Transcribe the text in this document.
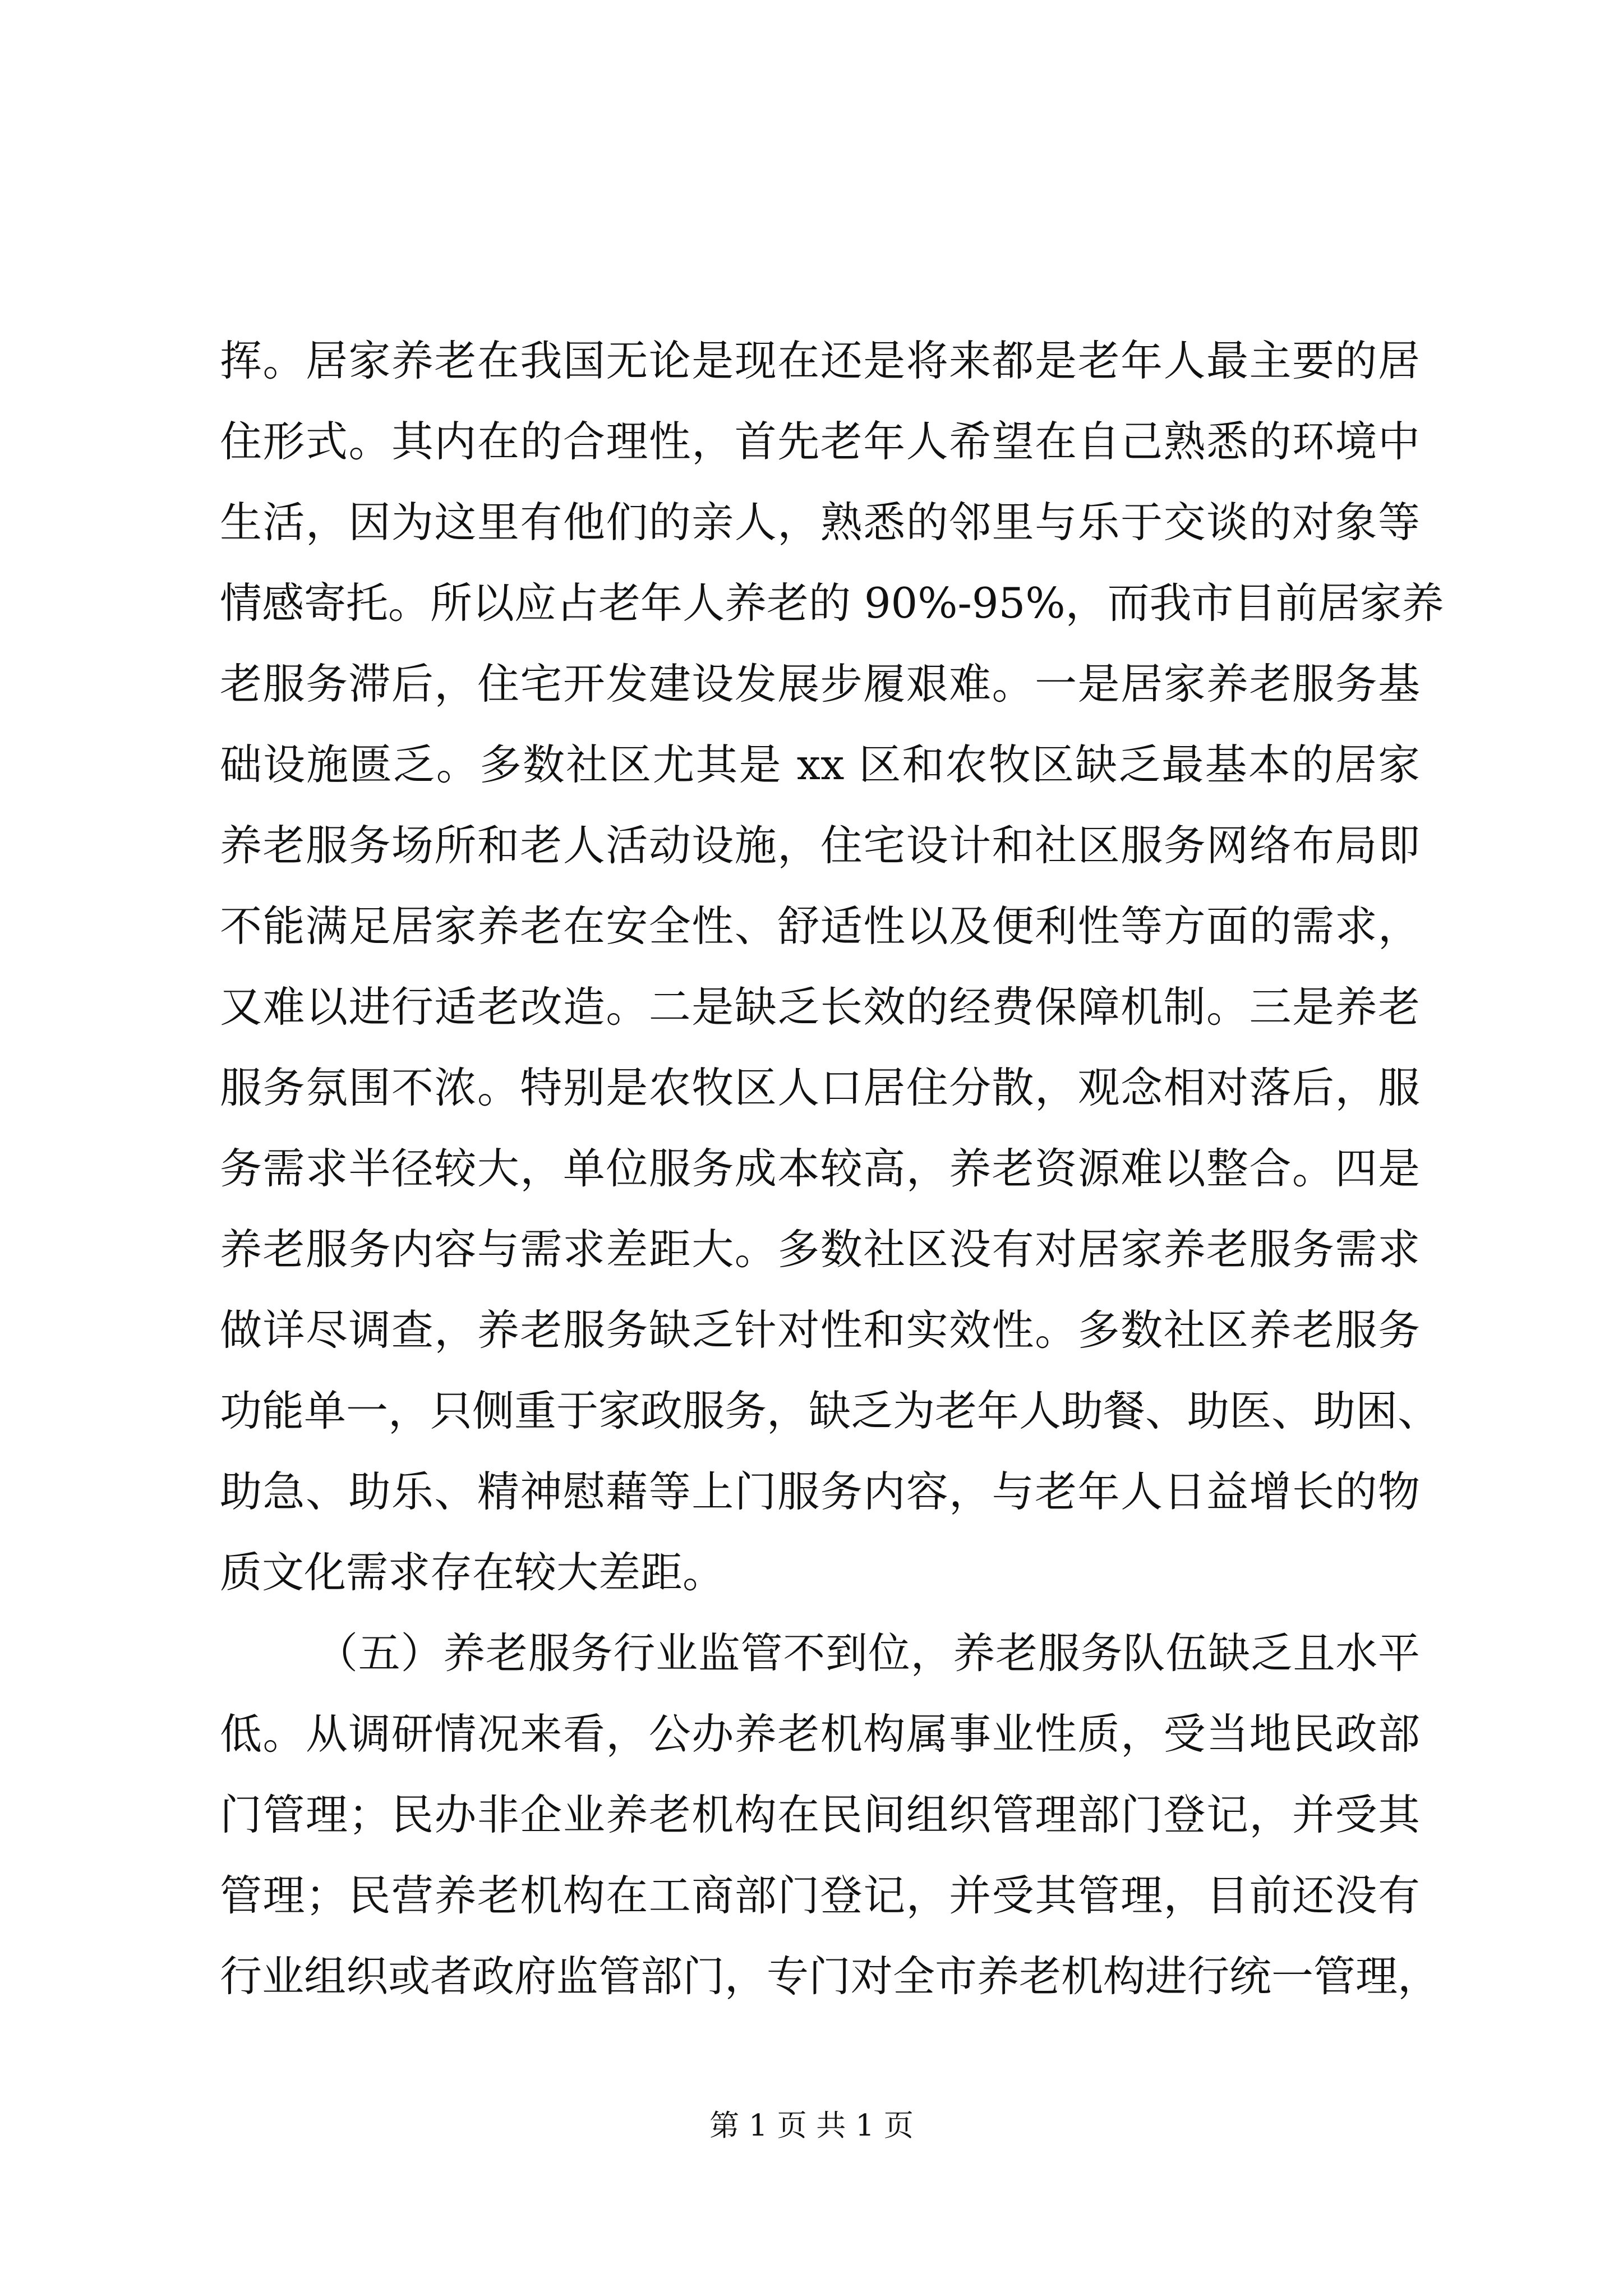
挥。居家养老在我国无论是现在还是将来都是老年人最主要的居
住形式。其内在的合理性，首先老年人希望在自己熟悉的环境中
生活，因为这里有他们的亲人，熟悉的邻里与乐于交谈的对象等
情感寄托。所以应占老年人养老的 90%-95%，而我市目前居家养
老服务滞后，住宅开发建设发展步履艰难。一是居家养老服务基
础设施匮乏。多数社区尤其是 xx 区和农牧区缺乏最基本的居家
养老服务场所和老人活动设施，住宅设计和社区服务网络布局即
不能满足居家养老在安全性、舒适性以及便利性等方面的需求，
又难以进行适老改造。二是缺乏长效的经费保障机制。三是养老
服务氛围不浓。特别是农牧区人口居住分散，观念相对落后，服
务需求半径较大，单位服务成本较高，养老资源难以整合。四是
养老服务内容与需求差距大。多数社区没有对居家养老服务需求
做详尽调查，养老服务缺乏针对性和实效性。多数社区养老服务
功能单一，只侧重于家政服务，缺乏为老年人助餐、助医、助困、
助急、助乐、精神慰藉等上门服务内容，与老年人日益增长的物
质文化需求存在较大差距。
（五）养老服务行业监管不到位，养老服务队伍缺乏且水平
低。从调研情况来看，公办养老机构属事业性质，受当地民政部
门管理；民办非企业养老机构在民间组织管理部门登记，并受其
管理；民营养老机构在工商部门登记，并受其管理，目前还没有
行业组织或者政府监管部门，专门对全市养老机构进行统一管理，
第 1 页 共 1 页
